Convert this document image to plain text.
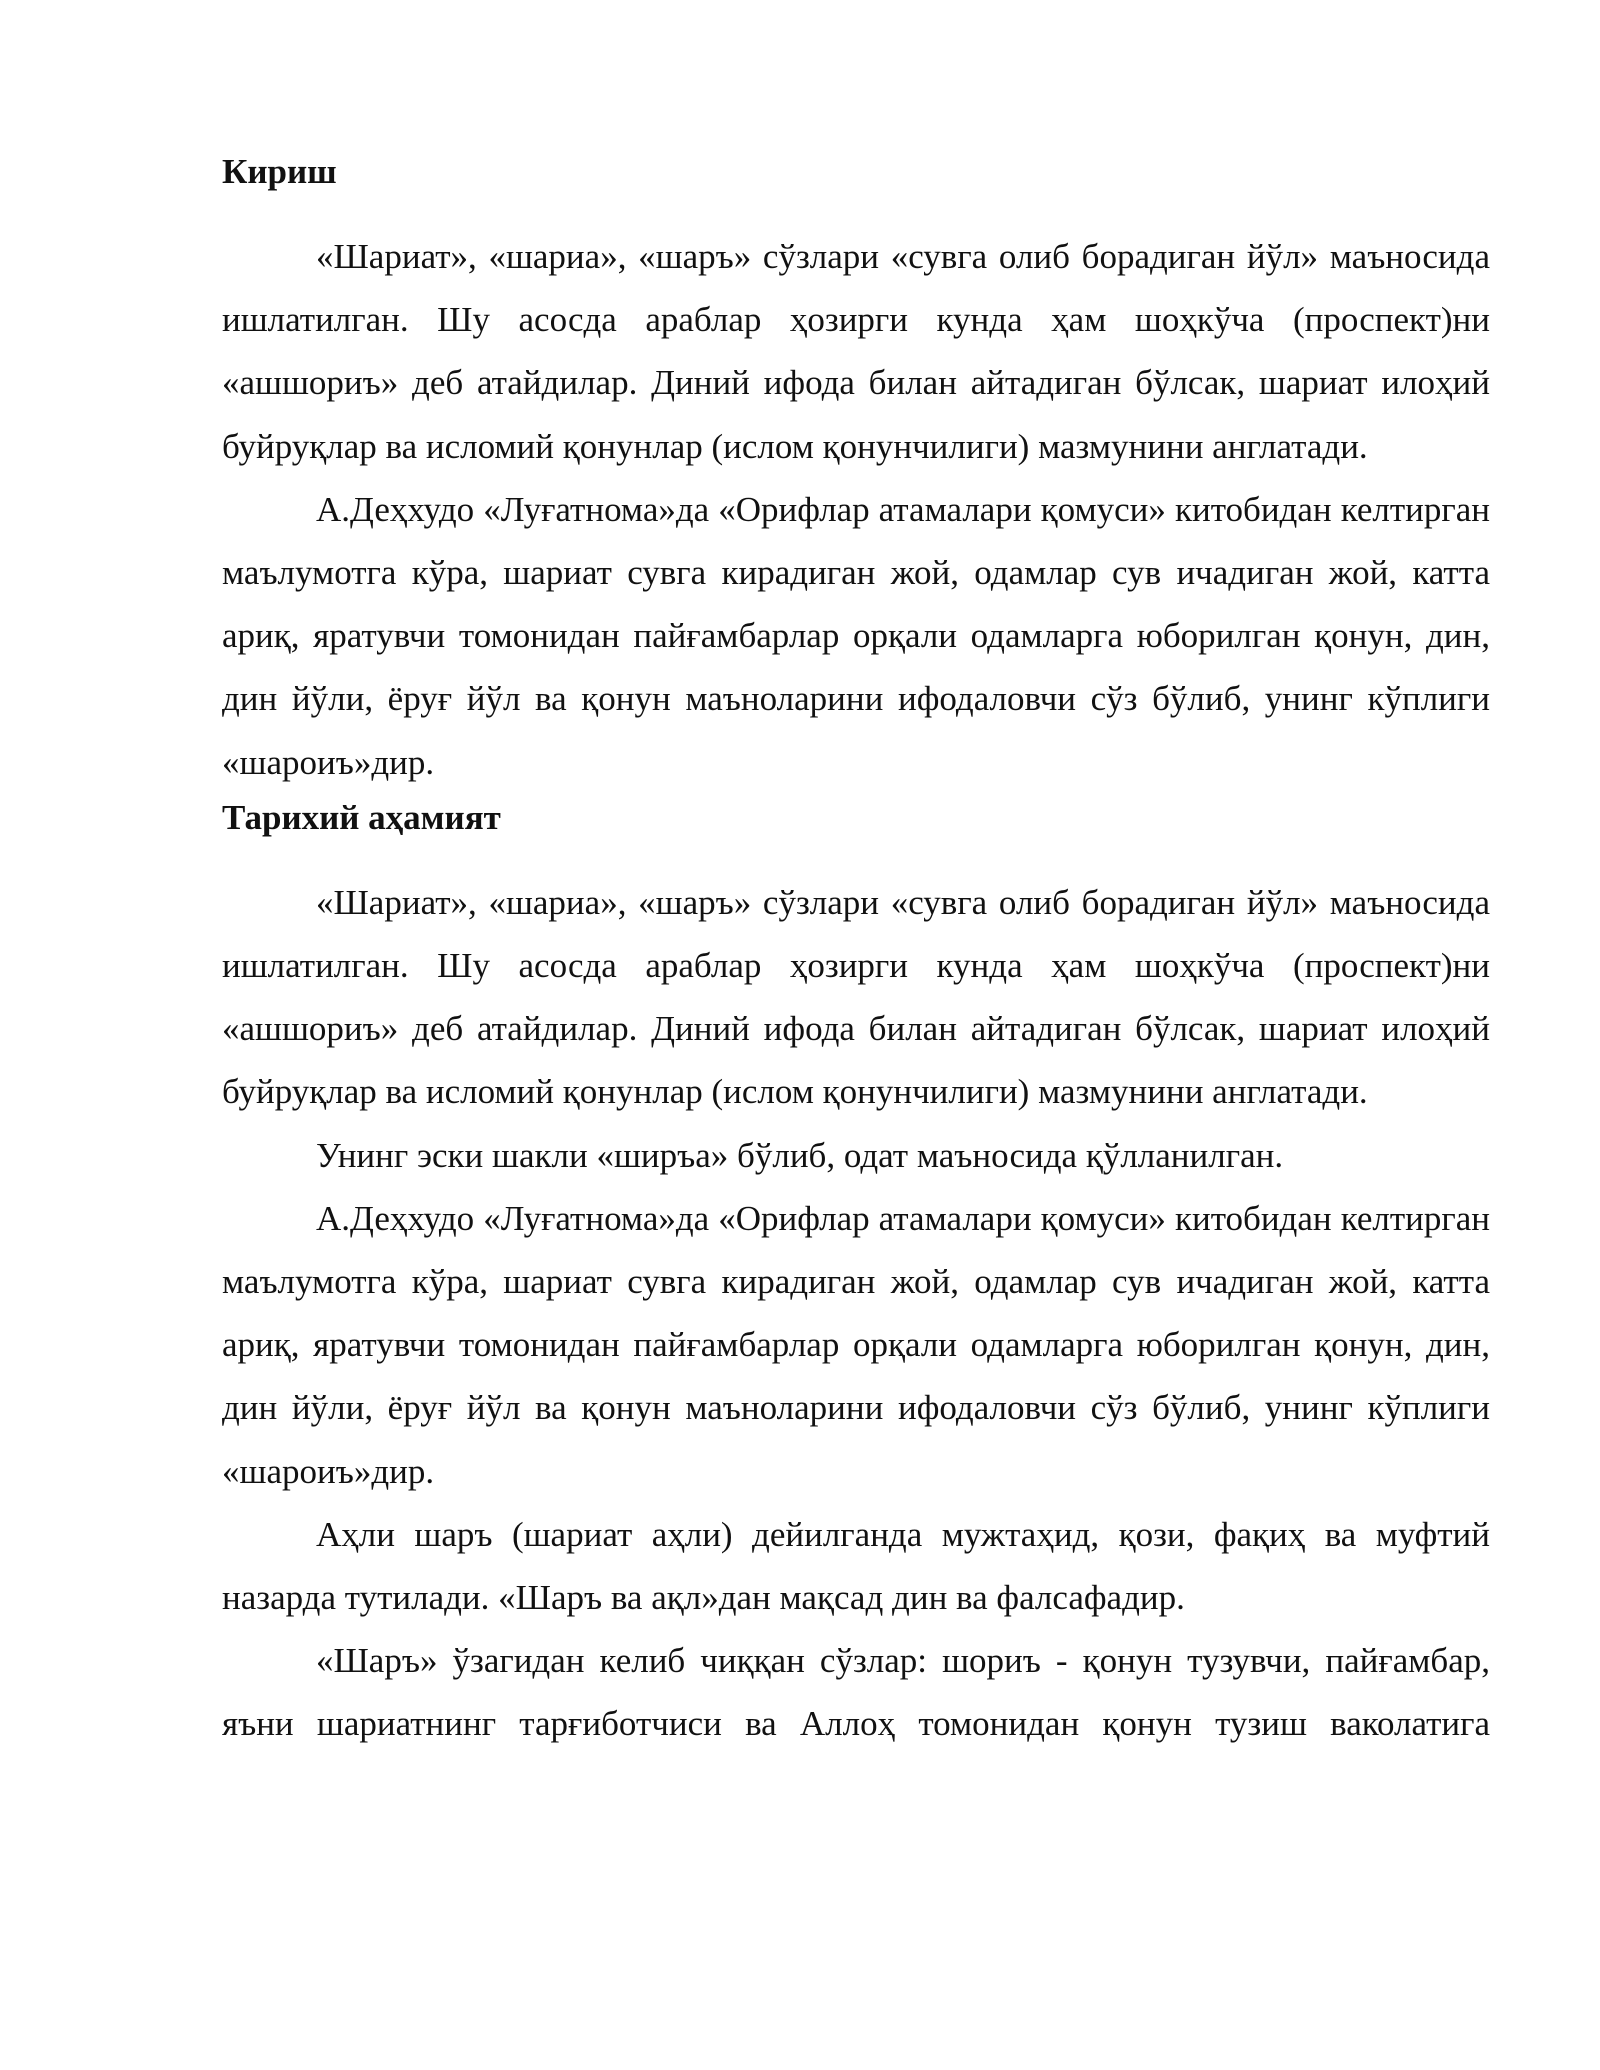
Кириш

«Шариат», «шариа», «шаръ» сўзлари «сувга олиб борадиган йўл» маъносида ишлатилган. Шу асосда араблар ҳозирги кунда ҳам шоҳкўча (проспект)ни «ашшориъ» деб атайдилар. Диний ифода билан айтадиган бўлсак, шариат илоҳий буйруқлар ва исломий қонунлар (ислом қонунчилиги) мазмунини англатади.

А.Деҳхудо «Луғатнома»да «Орифлар атамалари қомуси» китобидан келтирган маълумотга кўра, шариат сувга кирадиган жой, одамлар сув ичадиган жой, катта ариқ, яратувчи томонидан пайғамбарлар орқали одамларга юборилган қонун, дин, дин йўли, ёруғ йўл ва қонун маъноларини ифодаловчи сўз бўлиб, унинг кўплиги «шароиъ»дир.

Тарихий аҳамият

«Шариат», «шариа», «шаръ» сўзлари «сувга олиб борадиган йўл» маъносида ишлатилган. Шу асосда араблар ҳозирги кунда ҳам шоҳкўча (проспект)ни «ашшориъ» деб атайдилар. Диний ифода билан айтадиган бўлсак, шариат илоҳий буйруқлар ва исломий қонунлар (ислом қонунчилиги) мазмунини англатади.

Унинг эски шакли «ширъа» бўлиб, одат маъносида қўлланилган.

А.Деҳхудо «Луғатнома»да «Орифлар атамалари қомуси» китобидан келтирган маълумотга кўра, шариат сувга кирадиган жой, одамлар сув ичадиган жой, катта ариқ, яратувчи томонидан пайғамбарлар орқали одамларга юборилган қонун, дин, дин йўли, ёруғ йўл ва қонун маъноларини ифодаловчи сўз бўлиб, унинг кўплиги «шароиъ»дир.

Аҳли шаръ (шариат аҳли) дейилганда мужтаҳид, қози, фақиҳ ва муфтий назарда тутилади. «Шаръ ва ақл»дан мақсад дин ва фалсафадир.

«Шаръ» ўзагидан келиб чиққан сўзлар: шориъ - қонун тузувчи, пайғамбар, яъни шариатнинг тарғиботчиси ва Аллоҳ томонидан қонун тузиш ваколатига
